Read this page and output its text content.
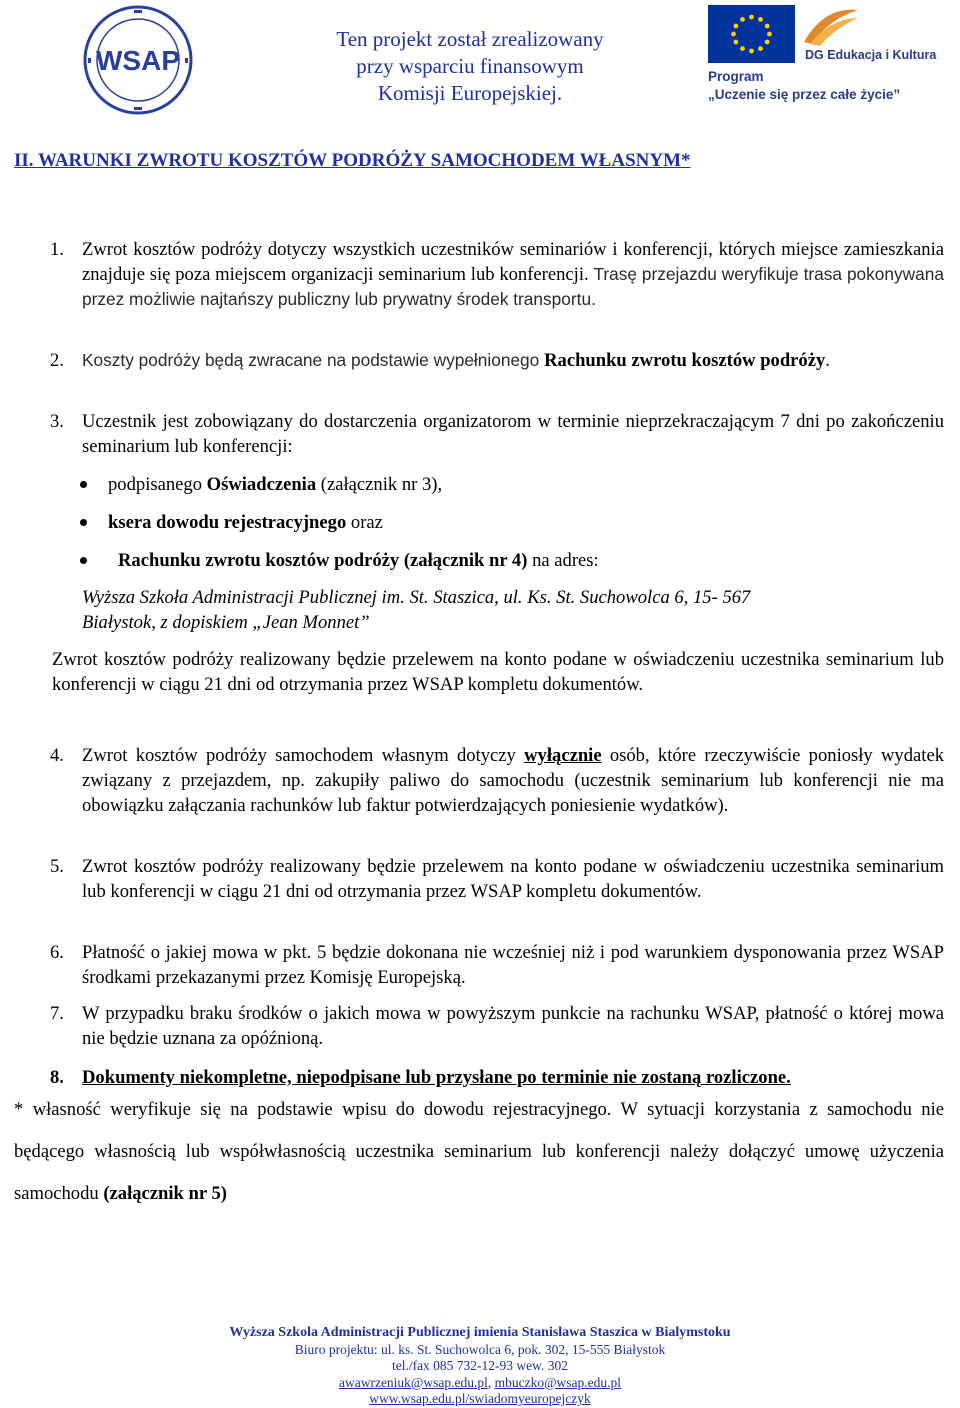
WSAP
Ten projekt został zrealizowany
przy wsparciu finansowym
Komisji Europejskiej.
DG Edukacja i Kultura
Program
„Uczenie się przez całe życie”
II. WARUNKI ZWROTU KOSZTÓW PODRÓŻY SAMOCHODEM WŁASNYM*
1. Zwrot kosztów podróży dotyczy wszystkich uczestników seminariów i konferencji, których miejsce zamieszkania znajduje się poza miejscem organizacji seminarium lub konferencji. Trasę przejazdu weryfikuje trasa pokonywana przez możliwie najtańszy publiczny lub prywatny środek transportu.
2. Koszty podróży będą zwracane na podstawie wypełnionego Rachunku zwrotu kosztów podróży.
3. Uczestnik jest zobowiązany do dostarczenia organizatorom w terminie nieprzekraczającym 7 dni po zakończeniu seminarium lub konferencji:
podpisanego Oświadczenia (załącznik nr 3),
ksera dowodu rejestracyjnego oraz
Rachunku zwrotu kosztów podróży (załącznik nr 4) na adres:
Wyższa Szkoła Administracji Publicznej im. St. Staszica, ul. Ks. St. Suchowolca 6, 15- 567
Białystok, z dopiskiem „Jean Monnet”
Zwrot kosztów podróży realizowany będzie przelewem na konto podane w oświadczeniu uczestnika seminarium lub konferencji w ciągu 21 dni od otrzymania przez WSAP kompletu dokumentów.
4. Zwrot kosztów podróży samochodem własnym dotyczy wyłącznie osób, które rzeczywiście poniosły wydatek związany z przejazdem, np. zakupiły paliwo do samochodu (uczestnik seminarium lub konferencji nie ma obowiązku załączania rachunków lub faktur potwierdzających poniesienie wydatków).
5. Zwrot kosztów podróży realizowany będzie przelewem na konto podane w oświadczeniu uczestnika seminarium lub konferencji w ciągu 21 dni od otrzymania przez WSAP kompletu dokumentów.
6. Płatność o jakiej mowa w pkt. 5 będzie dokonana nie wcześniej niż i pod warunkiem dysponowania przez WSAP środkami przekazanymi przez Komisję Europejską.
7. W przypadku braku środków o jakich mowa w powyższym punkcie na rachunku WSAP, płatność o której mowa nie będzie uznana za opóźnioną.
8. Dokumenty niekompletne, niepodpisane lub przysłane po terminie nie zostaną rozliczone.
* własność weryfikuje się na podstawie wpisu do dowodu rejestracyjnego. W sytuacji korzystania z samochodu nie będącego własnością lub współwłasnością uczestnika seminarium lub konferencji należy dołączyć umowę użyczenia samochodu (załącznik nr 5)
Wyższa Szkola Administracji Publicznej imienia Stanislawa Staszica w Bialymstoku
Biuro projektu: ul. ks. St. Suchowolca 6, pok. 302, 15-555 Białystok
tel./fax 085 732-12-93 wew. 302
awawrzeniuk@wsap.edu.pl, mbuczko@wsap.edu.pl
www.wsap.edu.pl/swiadomyeuropejczyk
